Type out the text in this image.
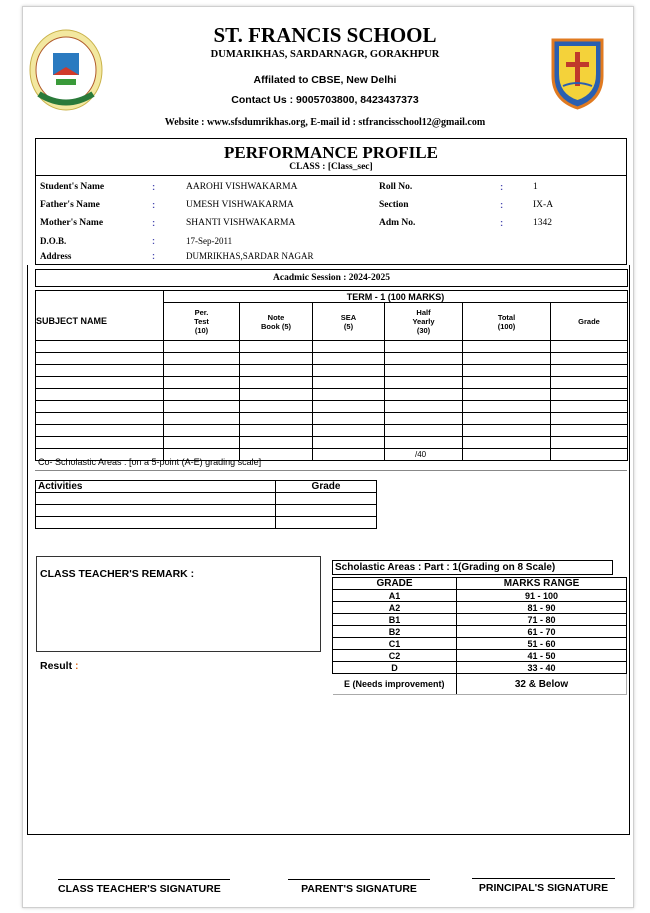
ST. FRANCIS SCHOOL
DUMARIKHAS, SARDARNAGR, GORAKHPUR
Affilated to CBSE, New Delhi
Contact Us : 9005703800, 8423437373
Website : www.sfsdumrikhas.org, E-mail id : stfrancisschool12@gmail.com
PERFORMANCE PROFILE
CLASS : [Class_sec]
Student's Name	:	AAROHI VISHWAKARMA	Roll No.	:	1
Father's Name	:	UMESH VISHWAKARMA	Section	:	IX-A
Mother's Name	:	SHANTI VISHWAKARMA	Adm No.	:	1342
D.O.B.	:	17-Sep-2011
Address	:	DUMRIKHAS,SARDAR NAGAR
Acadmic Session : 2024-2025						

	TERM - 1 (100 MARKS)					
SUBJECT NAME	Per. Test (10)	Note Book (5)	SEA (5)	Half Yearly (30)	Total (100)	Grade

				/40		
Co- Scholastic Areas : [on a 5-point (A-E) grading scale]
Activities	Grade

CLASS TEACHER'S REMARK :
Result :
Scholastic Areas : Part : 1(Grading on 8 Scale)
GRADE	MARKS RANGE
A1	91 - 100
A2	81 - 90
B1	71 - 80
B2	61 - 70
C1	51 - 60
C2	41 - 50
D	33 - 40
E (Needs improvement)	32 & Below
CLASS TEACHER'S SIGNATURE	PARENT'S SIGNATURE	PRINCIPAL'S SIGNATURE
